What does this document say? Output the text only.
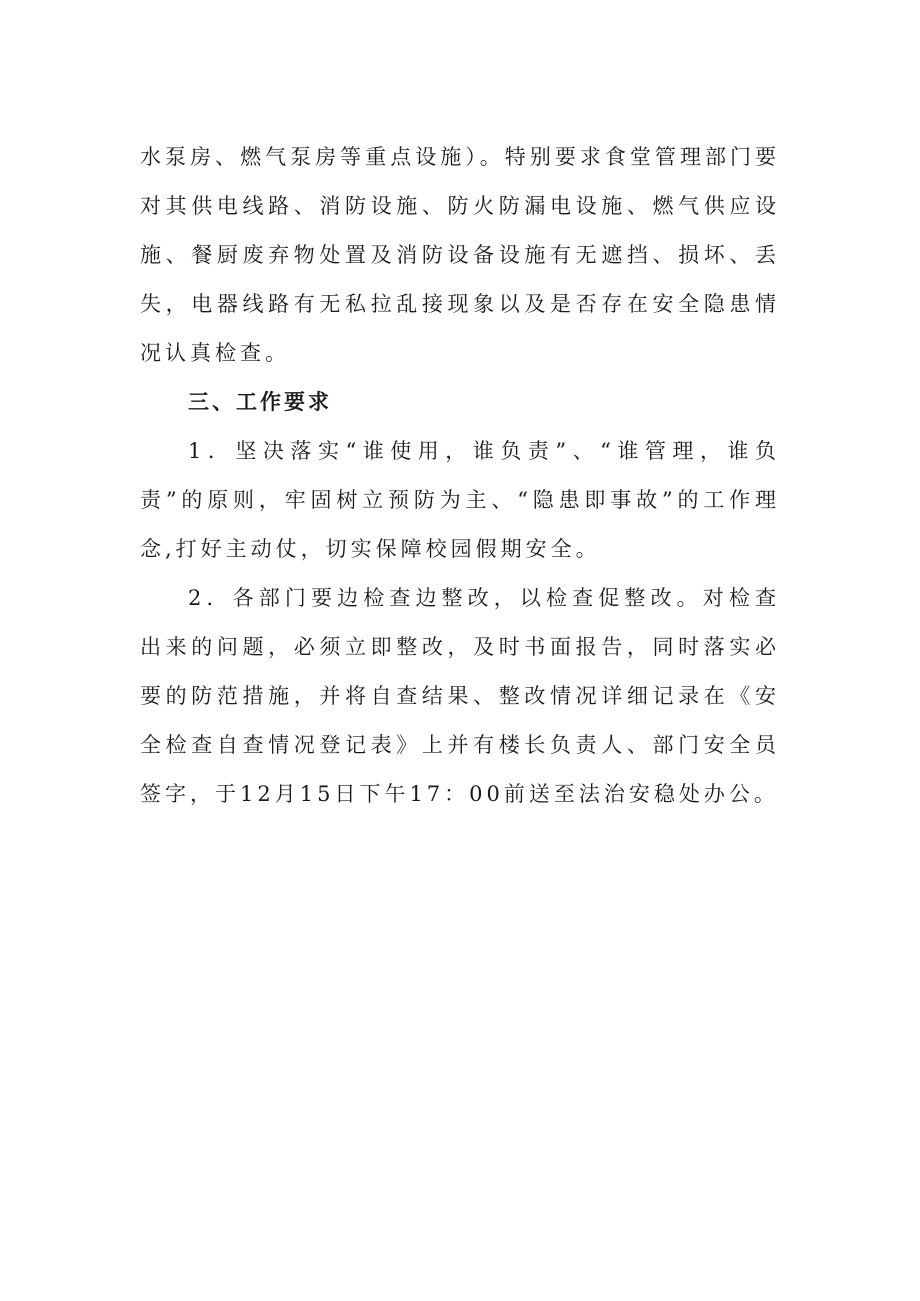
水泵房、燃气泵房等重点设施）。特别要求食堂管理部门要对其供电线路、消防设施、防火防漏电设施、燃气供应设施、餐厨废弃物处置及消防设备设施有无遮挡、损坏、丢失，电器线路有无私拉乱接现象以及是否存在安全隐患情况认真检查。

三、工作要求

1．坚决落实“谁使用，谁负责”、“谁管理，谁负责”的原则，牢固树立预防为主、“隐患即事故”的工作理念,打好主动仗，切实保障校园假期安全。

2．各部门要边检查边整改，以检查促整改。对检查出来的问题，必须立即整改，及时书面报告，同时落实必要的防范措施，并将自查结果、整改情况详细记录在《安全检查自查情况登记表》上并有楼长负责人、部门安全员签字，于12月15日下午17：00前送至法治安稳处办公。
